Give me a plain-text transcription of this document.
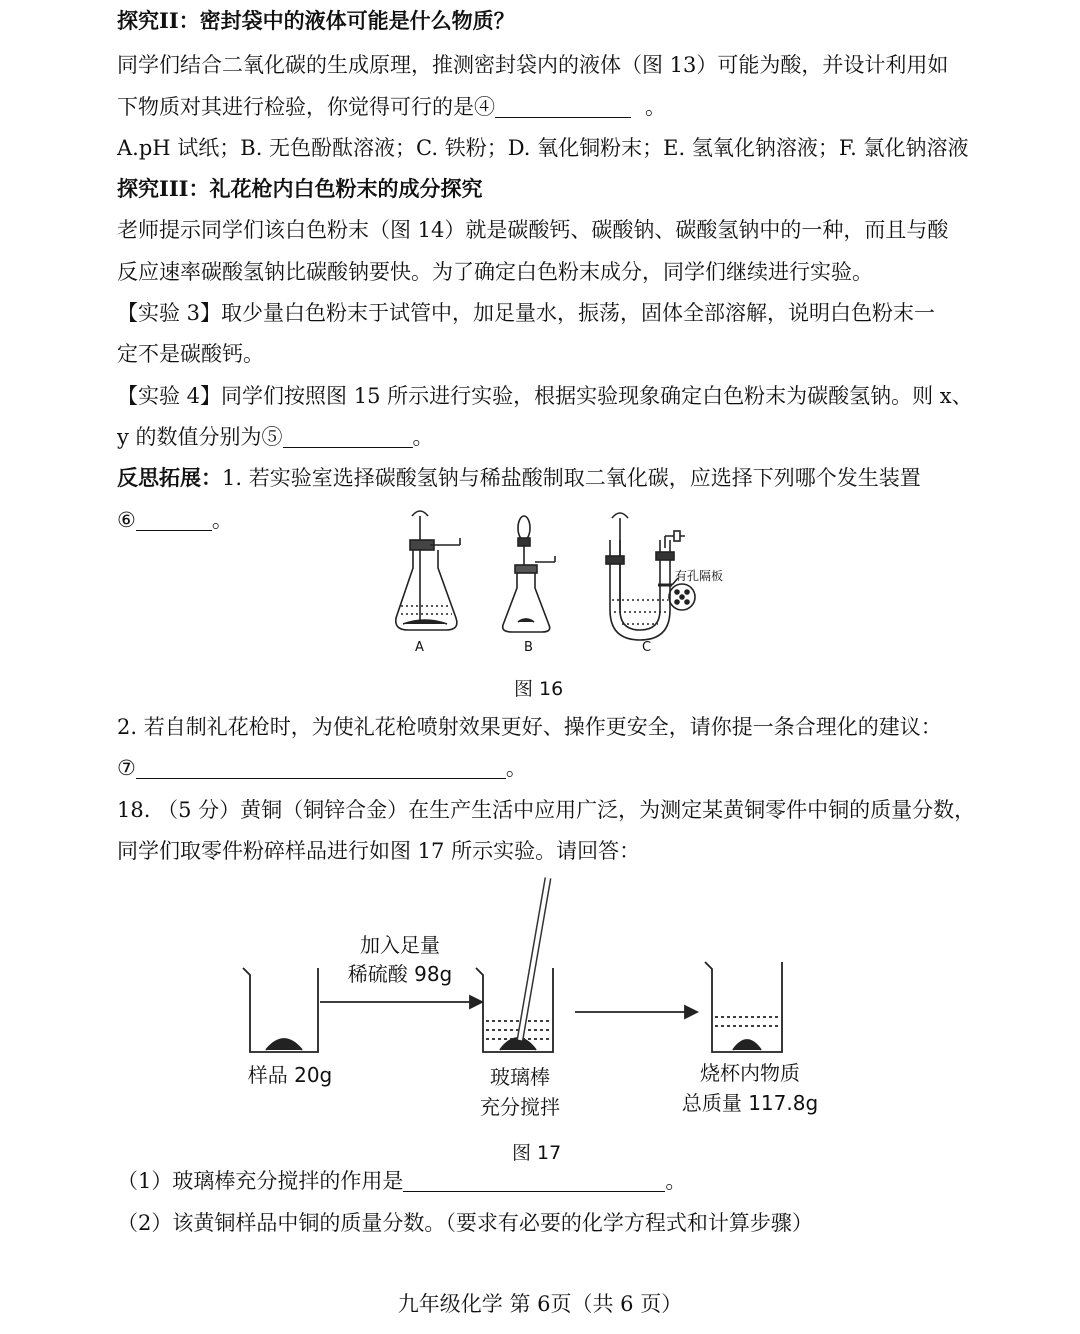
探究II：密封袋中的液体可能是什么物质？
同学们结合二氧化碳的生成原理，推测密封袋内的液体（图 13）可能为酸，并设计利用如
下物质对其进行检验，你觉得可行的是④	。
A.pH 试纸；B. 无色酚酞溶液；C. 铁粉；D. 氧化铜粉末；E. 氢氧化钠溶液；F. 氯化钠溶液
探究III：礼花枪内白色粉末的成分探究
老师提示同学们该白色粉末（图 14）就是碳酸钙、碳酸钠、碳酸氢钠中的一种，而且与酸
反应速率碳酸氢钠比碳酸钠要快。为了确定白色粉末成分，同学们继续进行实验。
【实验 3】取少量白色粉末于试管中，加足量水，振荡，固体全部溶解，说明白色粉末一
定不是碳酸钙。
【实验 4】同学们按照图 15 所示进行实验，根据实验现象确定白色粉末为碳酸氢钠。则 x、
y 的数值分别为⑤	。
反思拓展：1. 若实验室选择碳酸氢钠与稀盐酸制取二氧化碳，应选择下列哪个发生装置
⑥	。
有孔隔板
A	B	C
图 16
2. 若自制礼花枪时，为使礼花枪喷射效果更好、操作更安全，请你提一条合理化的建议：
⑦	。
18. （5 分）黄铜（铜锌合金）在生产生活中应用广泛，为测定某黄铜零件中铜的质量分数，
同学们取零件粉碎样品进行如图 17 所示实验。请回答：
加入足量
稀硫酸 98g
样品 20g	玻璃棒
充分搅拌
烧杯内物质
总质量 117.8g
图 17
（1）玻璃棒充分搅拌的作用是	。
（2）该黄铜样品中铜的质量分数。（要求有必要的化学方程式和计算步骤）
九年级化学 第 6页（共 6 页）
